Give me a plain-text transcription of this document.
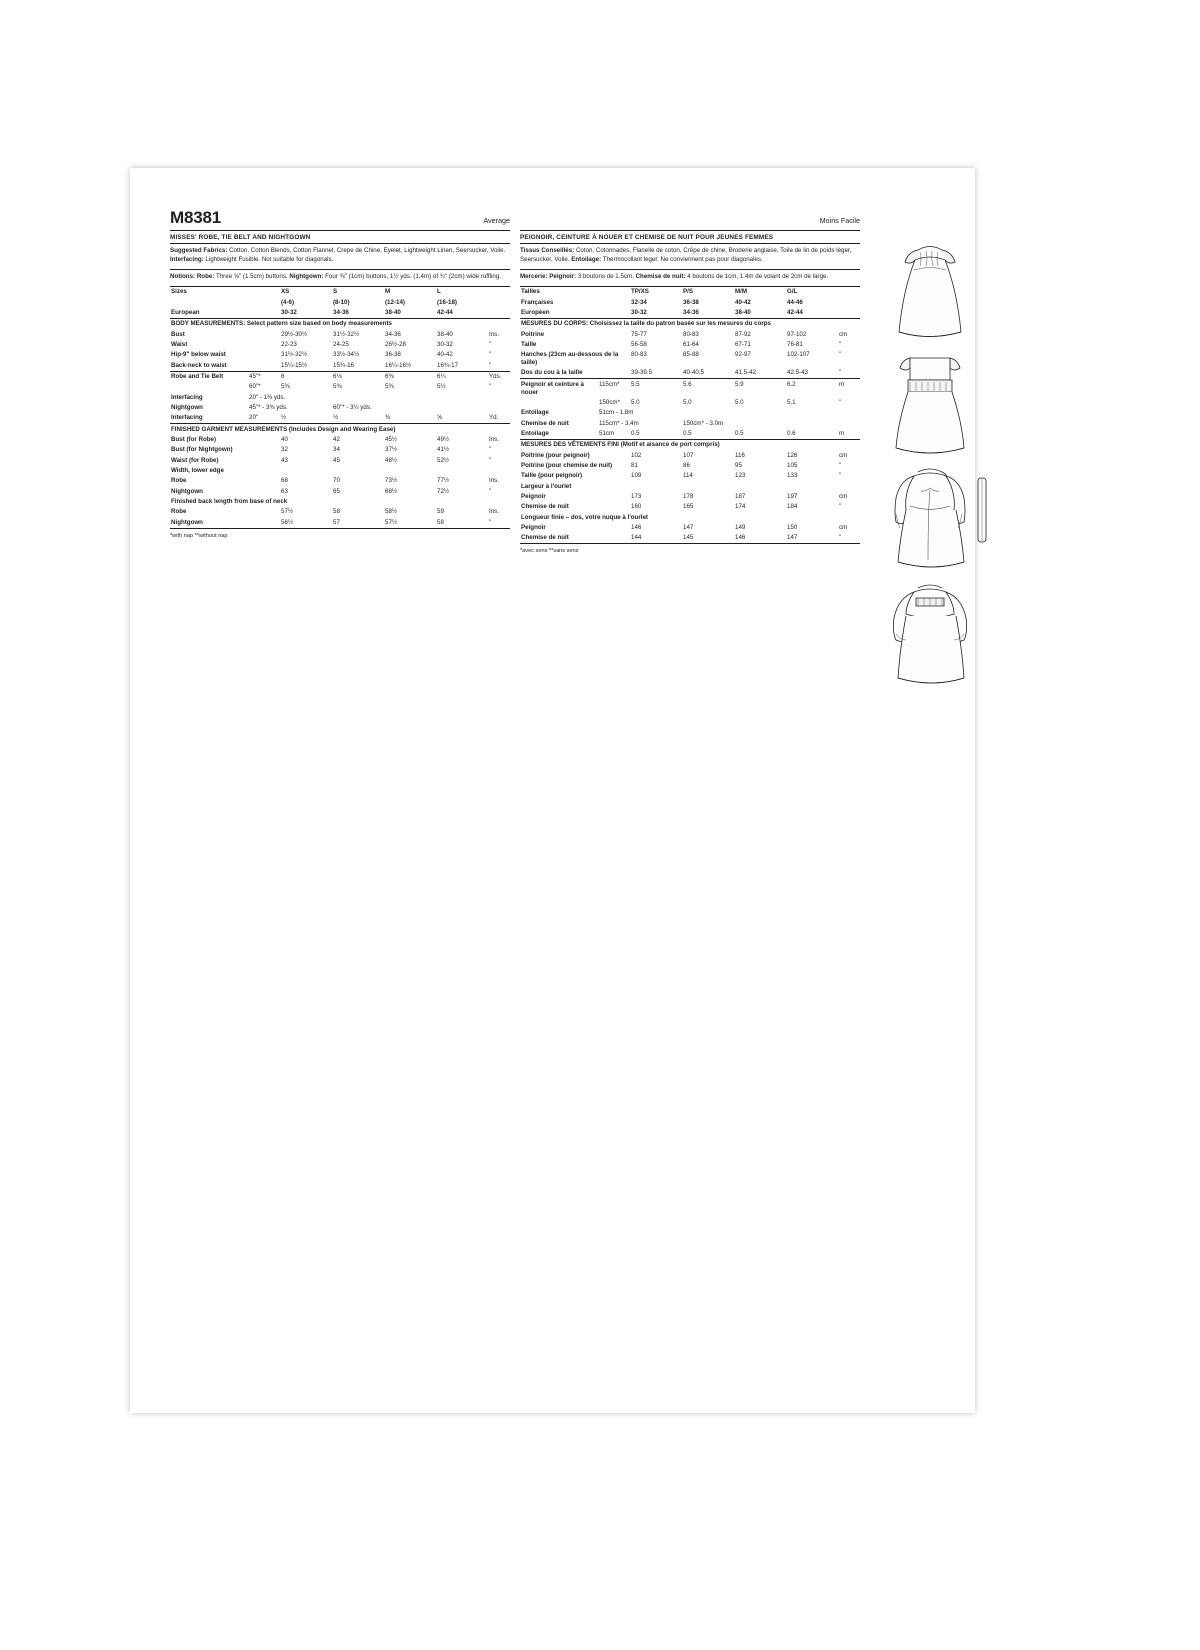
M8381	Average
MISSES' ROBE, TIE BELT AND NIGHTGOWN
Suggested Fabrics: Cotton, Cotton Blends, Cotton Flannel, Crepe de Chine, Eyelet, Lightweight Linen, Seersucker, Voile. Interfacing: Lightweight Fusible. Not suitable for diagonals.
Notions: Robe: Three ⅝" (1.5cm) buttons. Nightgown: Four ⅜" (1cm) buttons, 1½ yds. (1.4m) of ¾" (2cm) wide ruffling.
Sizes	XS	S	M	L	
	(4-6)	(8-10)	(12-14)	(16-18)	
European	30-32	34-36	38-40	42-44	
BODY MEASUREMENTS: Select pattern size based on body measurements					
Bust	29½-30½	31½-32½	34-36	38-40	Ins.
Waist	22-23	24-25	26½-28	30-32	"
Hip-9" below waist	31½-32½	33½-34½	36-38	40-42	"
Back-neck to waist	15¼-15½	15¾-16	16¼-16½	16¾-17	"
Robe and Tie Belt	45"*	6	6⅛	6⅜	6¼	Yds.
	60"*	5⅜	5⅜	5⅜	5½	"
Interfacing	20" - 1⅜ yds.					
Nightgown	45"* - 3⅜ yds.		60"* - 3¼ yds.			
Interfacing	20"	½	½	⅜	⅝	Yd.
FINISHED GARMENT MEASUREMENTS (Includes Design and Wearing Ease)					
Bust (for Robe)	40	42	45½	49½	Ins.
Bust (for Nightgown)	32	34	37½	41½	"
Waist (for Robe)	43	45	48½	52½	"
Width, lower edge					
Robe	68	70	73½	77½	Ins.
Nightgown	63	65	68½	72½	"
Finished back length from base of neck					
Robe	57½	58	58½	59	Ins.
Nightgown	56½	57	57½	58	"
*with nap **without nap
Moins Facile
PEIGNOIR, CEINTURE À NOUER ET CHEMISE DE NUIT POUR JEUNES FEMMES
Tissus Conseillés: Coton, Cotonnades, Flanelle de coton, Crêpe de chine, Broderie anglaise, Toile de lin de poids léger, Seersucker, Voile. Entoilage: Thermocollant leger. Ne conviennent pas pour diagonales.
Mercerie: Peignoir: 3 boutons de 1.5cm. Chemise de nuit: 4 boutons de 1cm, 1.4m de volant de 2cm de large.
Tailles	TP/XS	P/S	M/M	G/L	
Françaises	32-34	36-38	40-42	44-46	
Europèen	30-32	34-36	38-40	42-44	
MESURES DU CORPS: Choisissez la taille du patron basée sur les mesures du corps					
Poitrine	75-77	80-83	87-92	97-102	cm
Taille	56-58	61-64	67-71	76-81	"
Hanches (23cm au-dessous de la taille)	80-83	85-88	92-97	102-107	"
Dos du cou à la taille	39-39.5	40-40.5	41.5-42	42.5-43	"
Peignoir et ceinture à nouer	115cm*	5.5	5.6	5.9	6.2	m
	150cm*	5.0	5.0	5.0	5.1	"
Entoilage	51cm - 1.8m					
Chemise de nuit	115cm* - 3.4m		150cm* - 3.0m			
Entoilage	51cm	0.5	0.5	0.5	0.6	m
MESURES DES VÊTEMENTS FINI (Motif et aisance de port compris)					
Poitrine (pour peignoir)	102	107	116	126	cm
Poitrine (pour chemise de nuit)	81	86	95	105	"
Taille (pour peignoir)	109	114	123	133	"
Largeur à l'ourlet					
Peignoir	173	178	187	197	cm
Chemise de nuit	160	165	174	184	"
Longueur finie – dos, votre nuque à l'ourlet					
Peignoir	146	147	149	150	cm
Chemise de nuit	144	145	146	147	"
*avec sens **sans sens
